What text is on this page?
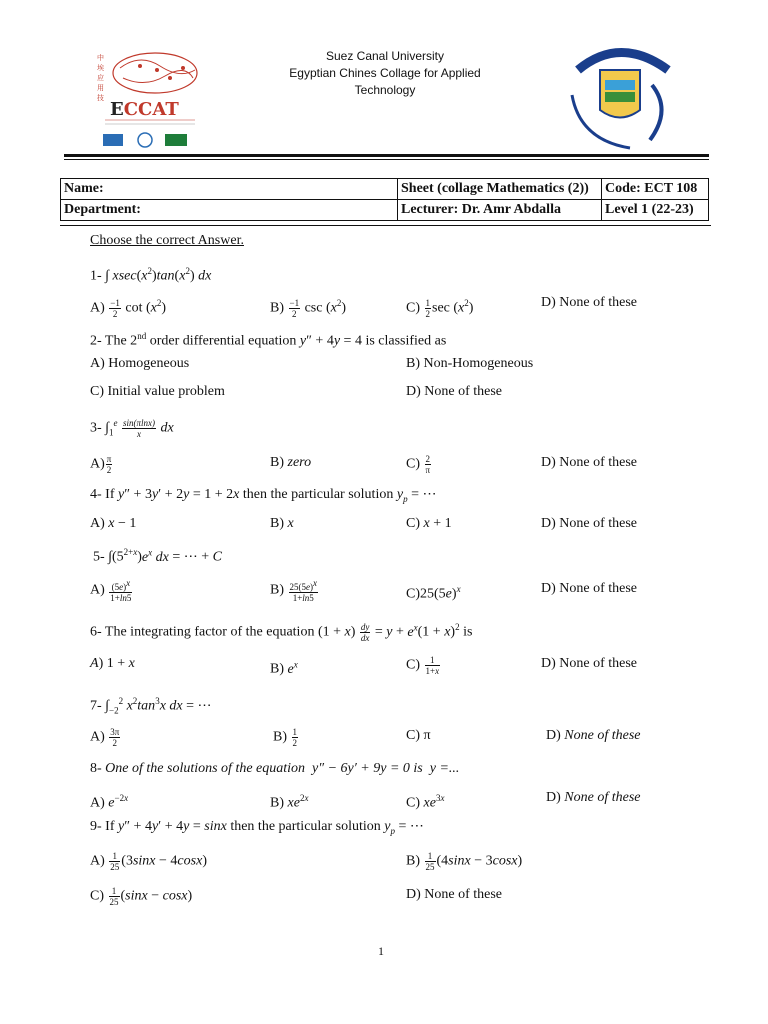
中
埃
应
用
技
ECCAT
Suez Canal University
Egyptian Chines Collage for Applied
Technology
Name:	Sheet (collage Mathematics (2))	Code: ECT 108
Department:	Lecturer: Dr. Amr Abdalla	Level 1 (22-23)
Choose the correct Answer.
1- ∫ $xsec(x^2)\tan(x^2)$ dx
$A) \frac{-1}{2}$ $\cot (x^2)$	$B) \frac{-1}{2}$ $\csc (x^2)$	$C) \frac{1}{2}$ $\sec (x^2)$	D) None of these
2- The 2nd order differential equation y″ + 4y = 4 is classified as
A) Homogeneous	B) Non-Homogeneous
C) Initial value problem	D) None of these
3- $\int_1^e \frac{\sin(\pi\ln x)}{x}$ dx
$A) \frac{\pi}{2}$	B) zero	$C) \frac{2}{\pi}$	D) None of these
4- If y″ + 3y′ + 2y = 1 + 2x then the particular solution $y_p$ = ⋯
A) x − 1	B) x	C) x + 1	D) None of these
5- $\int(5^{2+x})e^x$ dx = ⋯ + C
$A) \frac{(5e)^x}{1+\ln 5}$	$B) \frac{25(5e)^x}{1+\ln 5}$	$C)25(5e)^x$	D) None of these
6- The integrating factor of the equation $(1 + x) \frac{dy}{dx} = y + e^x(1 + x)^2$ is
A) 1 + x	B) $e^x$	$C) \frac{1}{1+x}$	D) None of these
7- $\int_{-2}^2$ $x^2\tan^3x$ dx = ⋯
$A) \frac{3\pi}{2}$	$B) \frac{1}{2}$	C) π	D) None of these
8- One of the solutions of the equation  y″ − 6y′ + 9y = 0 is  y =...
A) $e^{-2x}$	B) $xe^{2x}$	C) $xe^{3x}$	D) None of these
9- If y″ + 4y′ + 4y = sinx then the particular solution $y_p$ = ⋯
$A) \frac{1}{25} (3\sin x - 4\cos x)$	$B) \frac{1}{25} (4\sin x - 3\cos x)$
$C) \frac{1}{25} (\sin x - \cos x)$	D) None of these
1
